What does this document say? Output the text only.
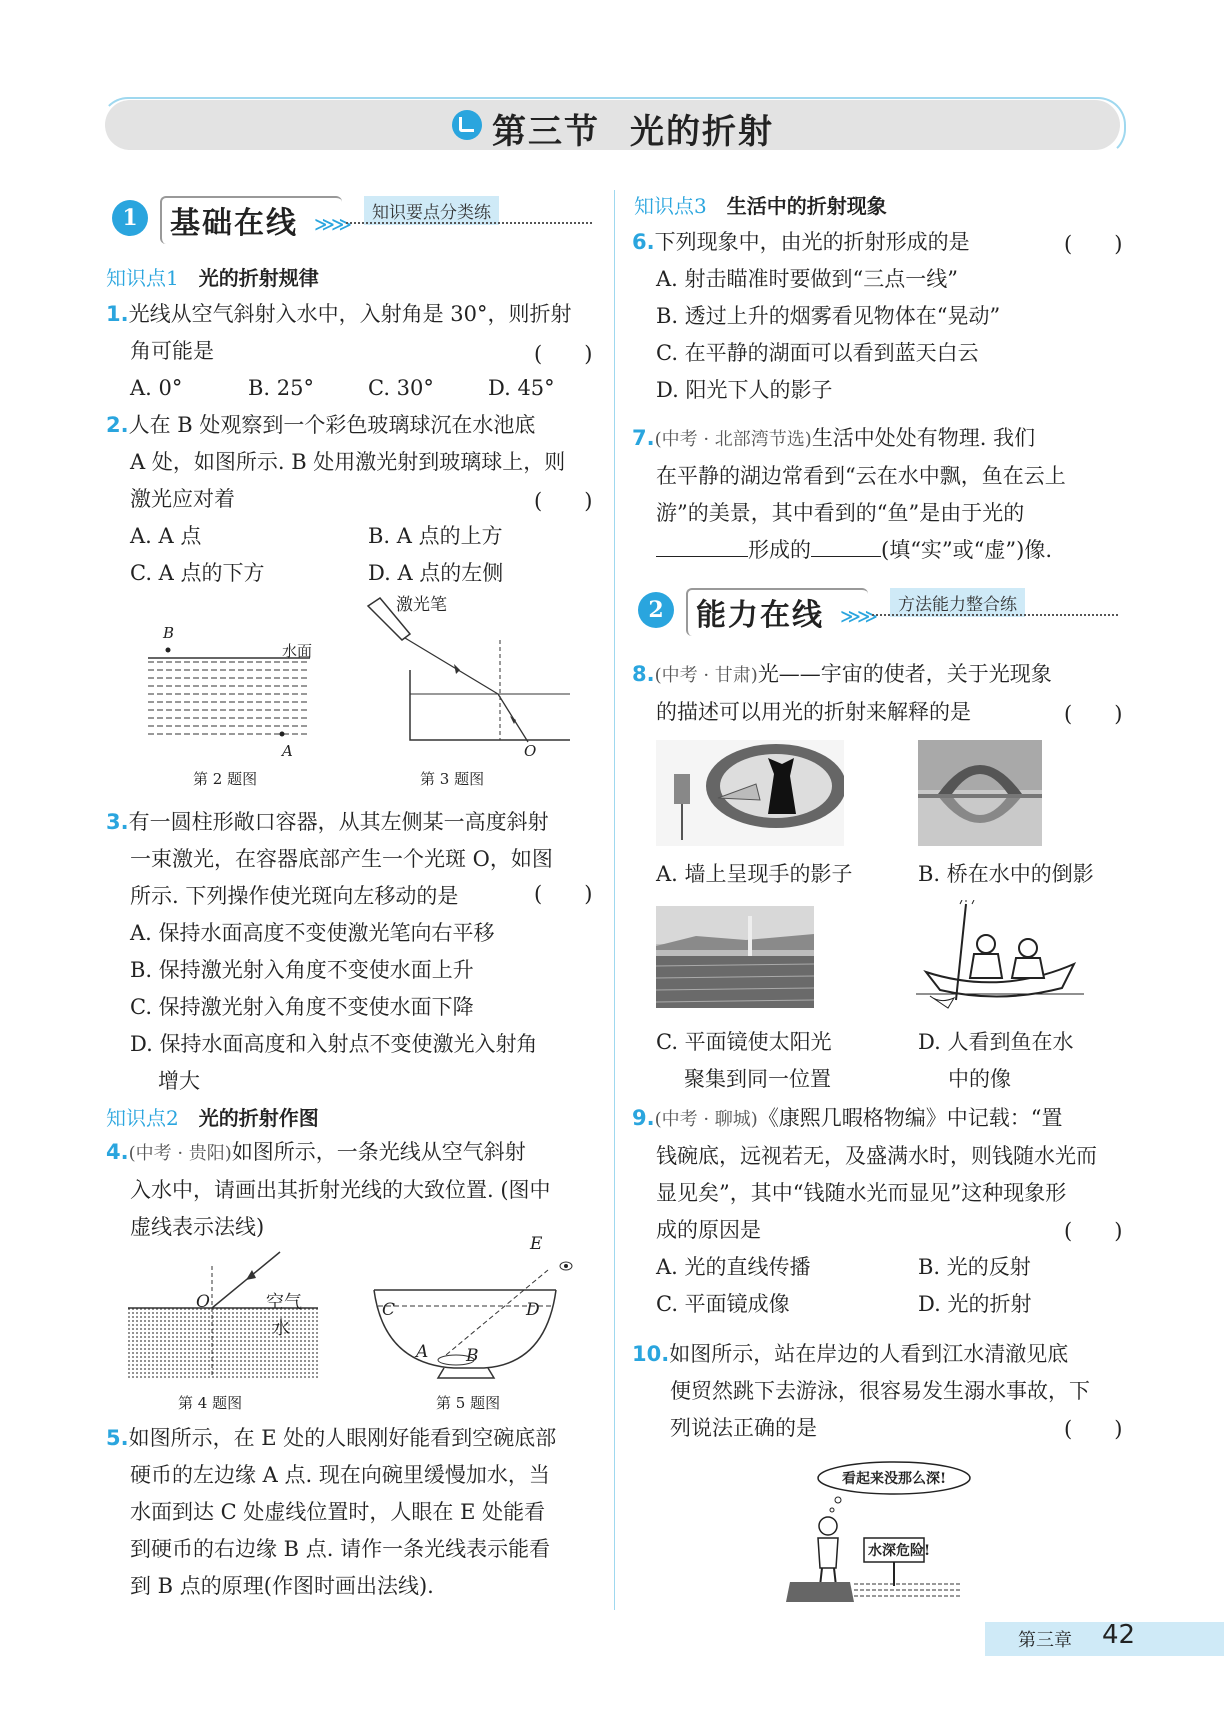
第三节 光的折射
1	基础在线 ≫≫	知识要点分类练
知识点1　 光的折射规律
1.光线从空气斜射入水中，入射角是 30°，则折射
角可能是
A. 0°	B. 25°	C. 30°	D. 45°
(　　)
2.人在 B 处观察到一个彩色玻璃球沉在水池底
A 处，如图所示. B 处用激光射到玻璃球上，则
激光应对着
A. A 点	B. A 点的上方
C. A 点的下方	D. A 点的左侧
(　　)
B
A
水面
第 2 题图
激光笔
O
第 3 题图
3.有一圆柱形敞口容器，从其左侧某一高度斜射
一束激光，在容器底部产生一个光斑 O，如图
所示. 下列操作使光斑向左移动的是
A. 保持水面高度不变使激光笔向右平移
B. 保持激光射入角度不变使水面上升
C. 保持激光射入角度不变使水面下降
D. 保持水面高度和入射点不变使激光入射角
增大
(　　)
知识点2　 光的折射作图
4.(中考 · 贵阳)如图所示，一条光线从空气斜射
入水中，请画出其折射光线的大致位置. (图中
虚线表示法线)
O	空气
水
第 4 题图
E
C	D
A B
第 5 题图
5.如图所示，在 E 处的人眼刚好能看到空碗底部
硬币的左边缘 A 点. 现在向碗里缓慢加水，当
水面到达 C 处虚线位置时，人眼在 E 处能看
到硬币的右边缘 B 点. 请作一条光线表示能看
到 B 点的原理(作图时画出法线).
知识点3　 生活中的折射现象
6.下列现象中，由光的折射形成的是
A. 射击瞄准时要做到“三点一线”
B. 透过上升的烟雾看见物体在“晃动”
C. 在平静的湖面可以看到蓝天白云
D. 阳光下人的影子
(　　)
7.(中考 · 北部湾节选)生活中处处有物理. 我们
在平静的湖边常看到“云在水中飘，鱼在云上
游”的美景，其中看到的“鱼”是由于光的
形成的	(填“实”或“虚”)像.
2	能力在线 ≫≫	方法能力整合练
8.(中考 · 甘肃)光——宇宙的使者，关于光现象
的描述可以用光的折射来解释的是	(　　)
A. 墙上呈现手的影子	B. 桥在水中的倒影
C. 平面镜使太阳光
聚集到同一位置
D. 人看到鱼在水
中的像
9.(中考 · 聊城)《康熙几暇格物编》中记载：“置
钱碗底，远视若无，及盛满水时，则钱随水光而
显见矣”，其中“钱随水光而显见”这种现象形
成的原因是
A. 光的直线传播	B. 光的反射
C. 平面镜成像	D. 光的折射
(　　)
10.如图所示，站在岸边的人看到江水清澈见底
便贸然跳下去游泳，很容易发生溺水事故，下
列说法正确的是	(　　)
看起来没那么深!
水深危险!
第三章 42
